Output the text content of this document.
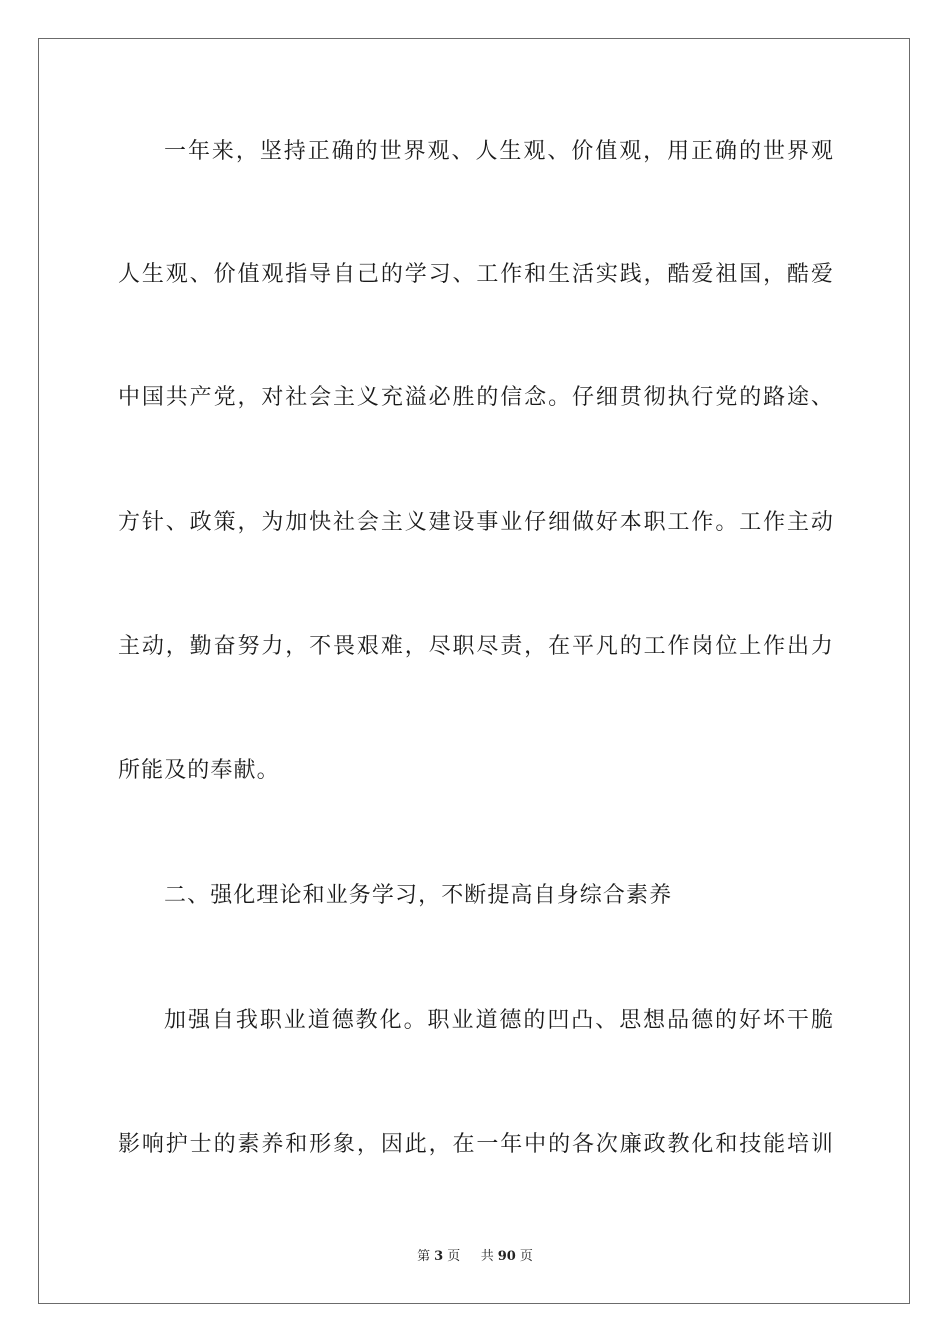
一年来，坚持正确的世界观、人生观、价值观，用正确的世界观
人生观、价值观指导自己的学习、工作和生活实践，酷爱祖国，酷爱
中国共产党，对社会主义充溢必胜的信念。仔细贯彻执行党的路途、
方针、政策，为加快社会主义建设事业仔细做好本职工作。工作主动
主动，勤奋努力，不畏艰难，尽职尽责，在平凡的工作岗位上作出力
所能及的奉献。
二、强化理论和业务学习，不断提高自身综合素养
加强自我职业道德教化。职业道德的凹凸、思想品德的好坏干脆
影响护士的素养和形象，因此，在一年中的各次廉政教化和技能培训
第 3 页 共 90 页
